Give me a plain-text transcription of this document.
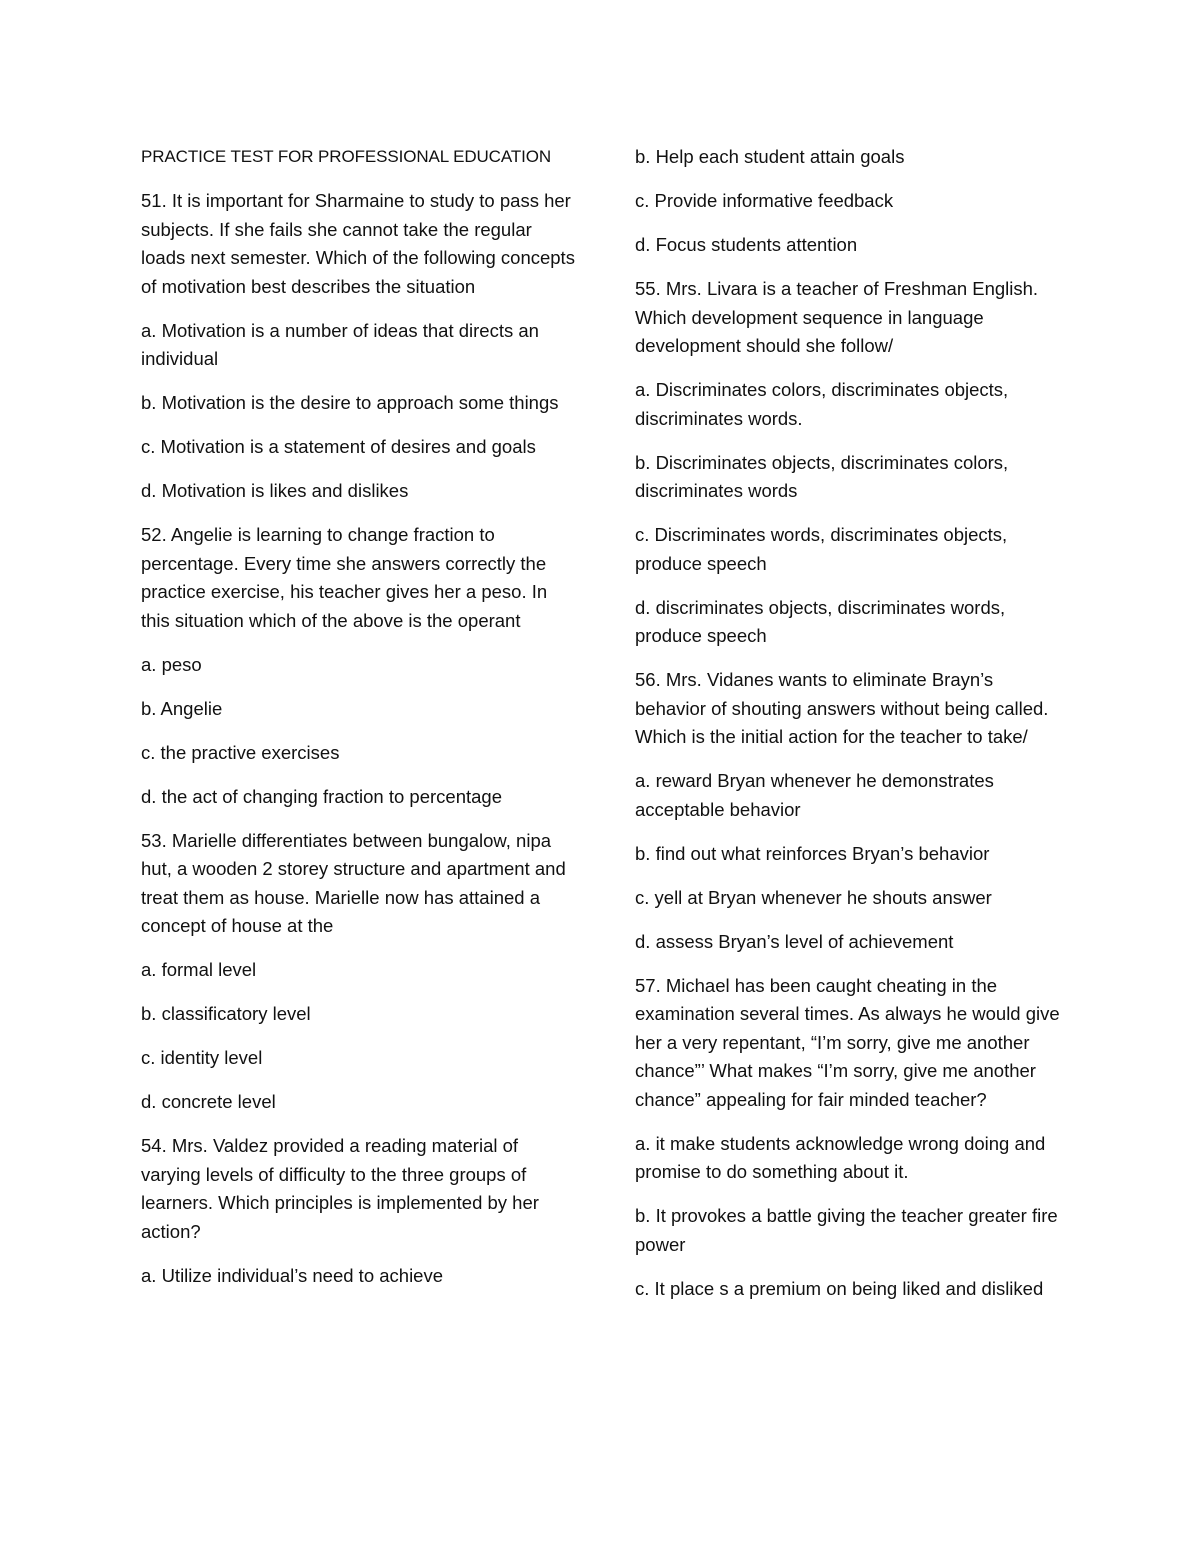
PRACTICE TEST FOR PROFESSIONAL EDUCATION

51. It is important for Sharmaine to study to pass her subjects. If she fails she cannot take the regular loads next semester. Which of the following concepts of motivation best describes the situation

a. Motivation is a number of ideas that directs an individual

b. Motivation is the desire to approach some things

c. Motivation is a statement of desires and goals

d. Motivation is likes and dislikes

52. Angelie is learning to change fraction to percentage. Every time she answers correctly the practice exercise, his teacher gives her a peso. In this situation which of the above is the operant

a. peso

b. Angelie

c. the practive exercises

d. the act of changing fraction to percentage

53. Marielle differentiates between bungalow, nipa hut, a wooden 2 storey structure and apartment and treat them as house. Marielle now has attained a concept of house at the

a. formal level

b. classificatory level

c. identity level

d. concrete level

54. Mrs. Valdez provided a reading material of varying levels of difficulty to the three groups of learners. Which principles is implemented by her action?

a. Utilize individual’s need to achieve

b. Help each student attain goals

c. Provide informative feedback

d. Focus students attention

55. Mrs. Livara is a teacher of Freshman English. Which development sequence in language development should she follow/

a. Discriminates colors, discriminates objects, discriminates words.

b. Discriminates objects, discriminates colors, discriminates words

c. Discriminates words, discriminates objects, produce speech

d. discriminates objects, discriminates words, produce speech

56. Mrs. Vidanes wants to eliminate Brayn’s behavior of shouting answers without being called. Which is the initial action for the teacher to take/

a. reward Bryan whenever he demonstrates acceptable behavior

b. find out what reinforces Bryan’s behavior

c. yell at Bryan whenever he shouts answer

d. assess Bryan’s level of achievement

57. Michael has been caught cheating in the examination several times. As always he would give her a very repentant, “I’m sorry, give me another chance”’ What makes “I’m sorry, give me another chance” appealing for fair minded teacher?

a. it make students acknowledge wrong doing and promise to do something about it.

b. It provokes a battle giving the teacher greater fire power

c. It place s a premium on being liked and disliked
